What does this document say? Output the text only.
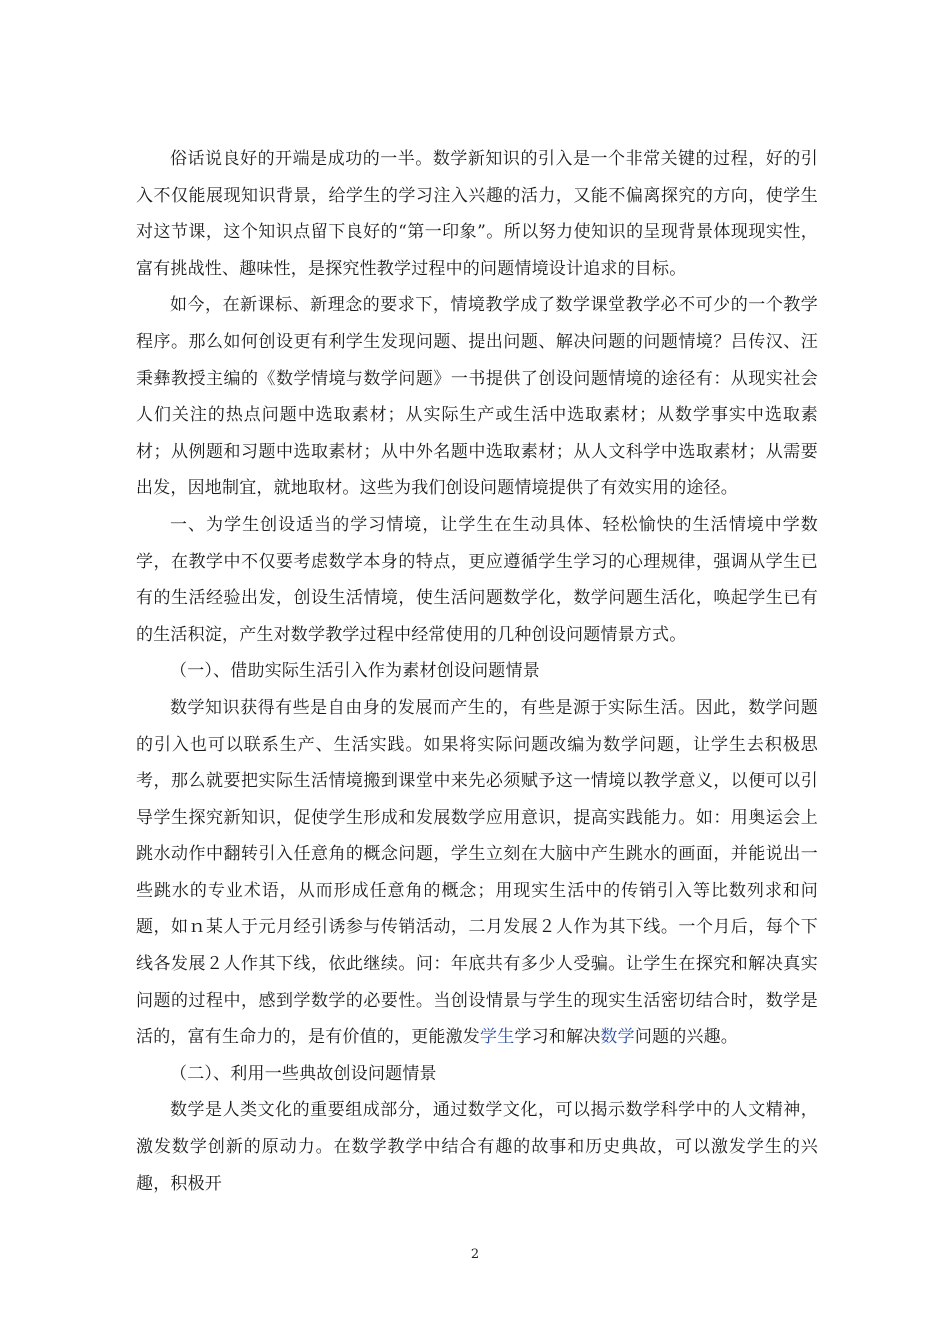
俗话说良好的开端是成功的一半。数学新知识的引入是一个非常关键的过程，好的引入不仅能展现知识背景，给学生的学习注入兴趣的活力，又能不偏离探究的方向，使学生对这节课，这个知识点留下良好的“第一印象”。所以努力使知识的呈现背景体现现实性，富有挑战性、趣味性，是探究性教学过程中的问题情境设计追求的目标。

如今，在新课标、新理念的要求下，情境教学成了数学课堂教学必不可少的一个教学程序。那么如何创设更有利学生发现问题、提出问题、解决问题的问题情境？吕传汉、汪秉彝教授主编的《数学情境与数学问题》一书提供了创设问题情境的途径有：从现实社会人们关注的热点问题中选取素材；从实际生产或生活中选取素材；从数学事实中选取素材；从例题和习题中选取素材；从中外名题中选取素材；从人文科学中选取素材；从需要出发，因地制宜，就地取材。这些为我们创设问题情境提供了有效实用的途径。

一、为学生创设适当的学习情境，让学生在生动具体、轻松愉快的生活情境中学数学，在教学中不仅要考虑数学本身的特点，更应遵循学生学习的心理规律，强调从学生已有的生活经验出发，创设生活情境，使生活问题数学化，数学问题生活化，唤起学生已有的生活积淀，产生对数学教学过程中经常使用的几种创设问题情景方式。

（一）、借助实际生活引入作为素材创设问题情景

数学知识获得有些是自由身的发展而产生的，有些是源于实际生活。因此，数学问题的引入也可以联系生产、生活实践。如果将实际问题改编为数学问题，让学生去积极思考，那么就要把实际生活情境搬到课堂中来先必须赋予这一情境以教学意义，以便可以引导学生探究新知识，促使学生形成和发展数学应用意识，提高实践能力。如：用奥运会上跳水动作中翻转引入任意角的概念问题，学生立刻在大脑中产生跳水的画面，并能说出一些跳水的专业术语，从而形成任意角的概念；用现实生活中的传销引入等比数列求和问题，如ｎ某人于元月经引诱参与传销活动，二月发展２人作为其下线。一个月后，每个下线各发展２人作其下线，依此继续。问：年底共有多少人受骗。让学生在探究和解决真实问题的过程中，感到学数学的必要性。当创设情景与学生的现实生活密切结合时，数学是活的，富有生命力的，是有价值的，更能激发学生学习和解决数学问题的兴趣。

（二）、利用一些典故创设问题情景

数学是人类文化的重要组成部分，通过数学文化，可以揭示数学科学中的人文精神，激发数学创新的原动力。在数学教学中结合有趣的故事和历史典故，可以激发学生的兴趣，积极开

2
